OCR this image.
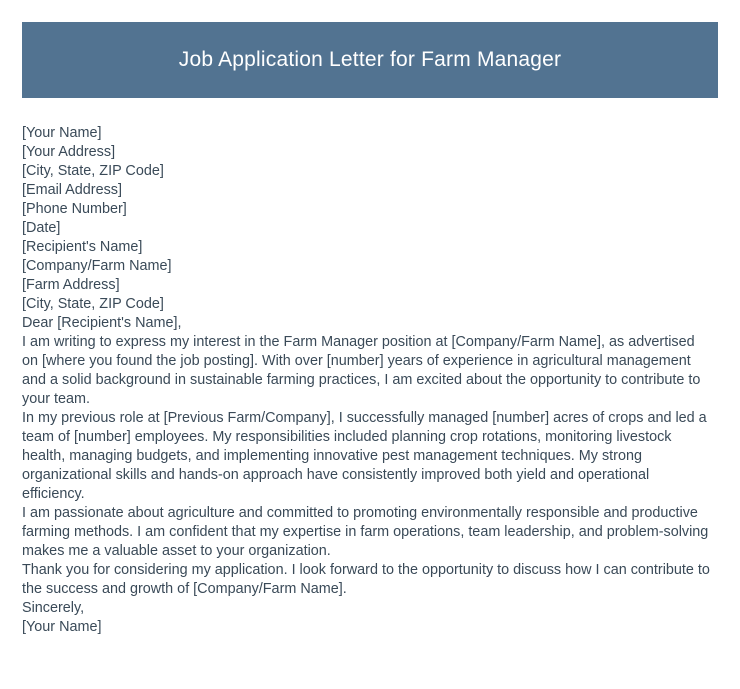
Job Application Letter for Farm Manager

[Your Name]

[Your Address]

[City, State, ZIP Code]

[Email Address]

[Phone Number]

[Date]

[Recipient's Name]

[Company/Farm Name]

[Farm Address]

[City, State, ZIP Code]

Dear [Recipient's Name],

I am writing to express my interest in the Farm Manager position at [Company/Farm Name], as advertised on [where you found the job posting]. With over [number] years of experience in agricultural management and a solid background in sustainable farming practices, I am excited about the opportunity to contribute to your team.

In my previous role at [Previous Farm/Company], I successfully managed [number] acres of crops and led a team of [number] employees. My responsibilities included planning crop rotations, monitoring livestock health, managing budgets, and implementing innovative pest management techniques. My strong organizational skills and hands-on approach have consistently improved both yield and operational efficiency.

I am passionate about agriculture and committed to promoting environmentally responsible and productive farming methods. I am confident that my expertise in farm operations, team leadership, and problem-solving makes me a valuable asset to your organization.

Thank you for considering my application. I look forward to the opportunity to discuss how I can contribute to the success and growth of [Company/Farm Name].

Sincerely,

[Your Name]
